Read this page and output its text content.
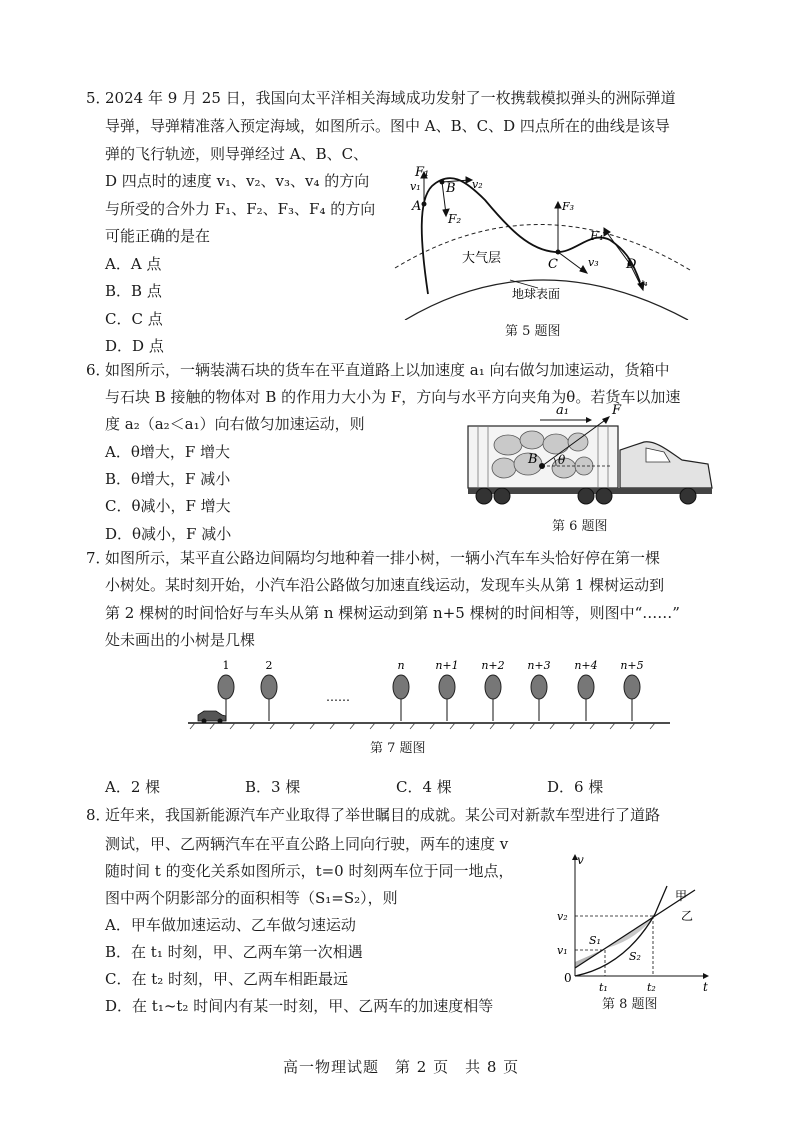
5．
2024 年 9 月 25 日，我国向太平洋相关海域成功发射了一枚携载模拟弹头的洲际弹道
导弹，导弹精准落入预定海域，如图所示。图中 A、B、C、D 四点所在的曲线是该导
弹的飞行轨迹，则导弹经过 A、B、C、
D 四点时的速度 v₁、v₂、v₃、v₄ 的方向
与所受的合外力 F₁、F₂、F₃、F₄ 的方向
可能正确的是在
A．A 点
B．B 点
C．C 点
D．D 点
F₁
v₁
A
B v₂
F₂
F₃
C	v₃
F₄
D
v₄
大气层
地球表面
第 5 题图
6．
如图所示，一辆装满石块的货车在平直道路上以加速度 a₁ 向右做匀加速运动，货箱中
与石块 B 接触的物体对 B 的作用力大小为 F，方向与水平方向夹角为θ。若货车以加速
度 a₂（a₂＜a₁）向右做匀加速运动，则
A．θ增大，F 增大
B．θ增大，F 减小
C．θ减小，F 增大
D．θ减小，F 减小
a₁	F
B θ
第 6 题图
7．
如图所示，某平直公路边间隔均匀地种着一排小树，一辆小汽车车头恰好停在第一棵
小树处。某时刻开始，小汽车沿公路做匀加速直线运动，发现车头从第 1 棵树运动到
第 2 棵树的时间恰好与车头从第 n 棵树运动到第 n+5 棵树的时间相等，则图中“……”
处未画出的小树是几棵
1	2	n	n+1 n+2 n+3 n+4 n+5
……
第 7 题图
A．2 棵	B．3 棵	C．4 棵	D．6 棵
8．
近年来，我国新能源汽车产业取得了举世瞩目的成就。某公司对新款车型进行了道路
测试，甲、乙两辆汽车在平直公路上同向行驶，两车的速度 v
随时间 t 的变化关系如图所示，t=0 时刻两车位于同一地点，
图中两个阴影部分的面积相等（S₁=S₂），则
A．甲车做加速运动、乙车做匀速运动
B．在 t₁ 时刻，甲、乙两车第一次相遇
C．在 t₂ 时刻，甲、乙两车相距最远
D．在 t₁~t₂ 时间内有某一时刻，甲、乙两车的加速度相等
v
t
0
v₁
v₂
t₁	t₂
S₁
S₂
甲
乙
第 8 题图
高一物理试题　第 2 页　共 8 页
